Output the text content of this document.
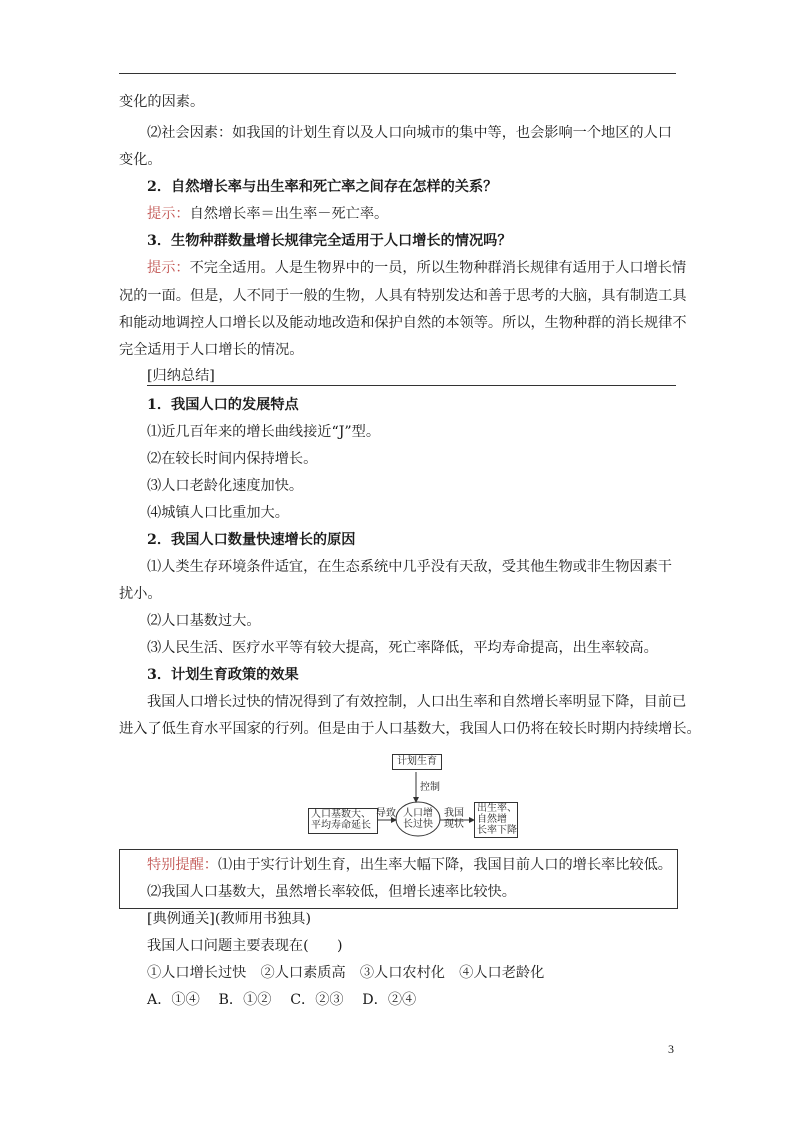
变化的因素。
⑵社会因素：如我国的计划生育以及人口向城市的集中等，也会影响一个地区的人口
变化。
2．自然增长率与出生率和死亡率之间存在怎样的关系？
提示：自然增长率＝出生率－死亡率。
3．生物种群数量增长规律完全适用于人口增长的情况吗？
提示：不完全适用。人是生物界中的一员，所以生物种群消长规律有适用于人口增长情
况的一面。但是，人不同于一般的生物，人具有特别发达和善于思考的大脑，具有制造工具
和能动地调控人口增长以及能动地改造和保护自然的本领等。所以，生物种群的消长规律不
完全适用于人口增长的情况。
[归纳总结]
1．我国人口的发展特点
⑴近几百年来的增长曲线接近“J”型。
⑵在较长时间内保持增长。
⑶人口老龄化速度加快。
⑷城镇人口比重加大。
2．我国人口数量快速增长的原因
⑴人类生存环境条件适宜，在生态系统中几乎没有天敌，受其他生物或非生物因素干
扰小。
⑵人口基数过大。
⑶人民生活、医疗水平等有较大提高，死亡率降低，平均寿命提高，出生率较高。
3．计划生育政策的效果
我国人口增长过快的情况得到了有效控制，人口出生率和自然增长率明显下降，目前已
进入了低生育水平国家的行列。但是由于人口基数大，我国人口仍将在较长时期内持续增长。
计划生育
控制
人口基数大、
平均寿命延长
导致 人口增
长过快
我国
现状
出生率、
自然增
长率下降
特别提醒：⑴由于实行计划生育，出生率大幅下降，我国目前人口的增长率比较低。
⑵我国人口基数大，虽然增长率较低，但增长速率比较快。
[典例通关](教师用书独具)
我国人口问题主要表现在(　　)
①人口增长过快　②人口素质高　③人口农村化　④人口老龄化
A．①④　 B．①②　 C．②③　 D．②④
3
